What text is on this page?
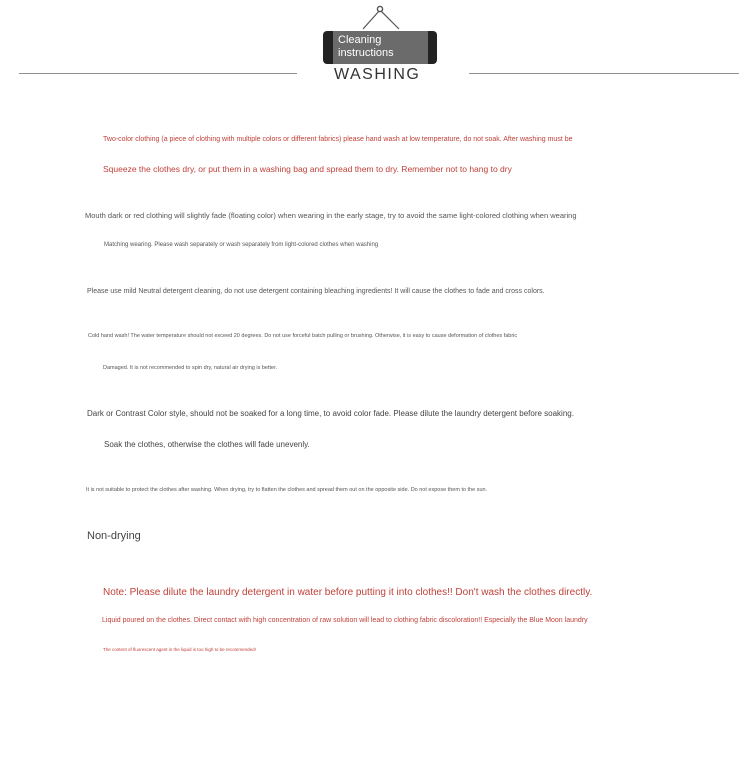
Cleaning
instructions
WASHING
Two-color clothing (a piece of clothing with multiple colors or different fabrics) please hand wash at low temperature, do not soak. After washing must be
Squeeze the clothes dry, or put them in a washing bag and spread them to dry. Remember not to hang to dry
Mouth dark or red clothing will slightly fade (floating color) when wearing in the early stage, try to avoid the same light-colored clothing when wearing
Matching wearing. Please wash separately or wash separately from light-colored clothes when washing
Please use mild Neutral detergent cleaning, do not use detergent containing bleaching ingredients! It will cause the clothes to fade and cross colors.
Cold hand wash! The water temperature should not exceed 20 degrees. Do not use forceful batch pulling or brushing. Otherwise, it is easy to cause deformation of clothes fabric
Damaged. It is not recommended to spin dry, natural air drying is better.
Dark or Contrast Color style, should not be soaked for a long time, to avoid color fade. Please dilute the laundry detergent before soaking.
Soak the clothes, otherwise the clothes will fade unevenly.
It is not suitable to protect the clothes after washing. When drying, try to flatten the clothes and spread them out on the opposite side. Do not expose them to the sun.
Non-drying
Note: Please dilute the laundry detergent in water before putting it into clothes!! Don't wash the clothes directly.
Liquid poured on the clothes. Direct contact with high concentration of raw solution will lead to clothing fabric discoloration!! Especially the Blue Moon laundry
The content of fluorescent agent in the liquid is too high to be recommended!
